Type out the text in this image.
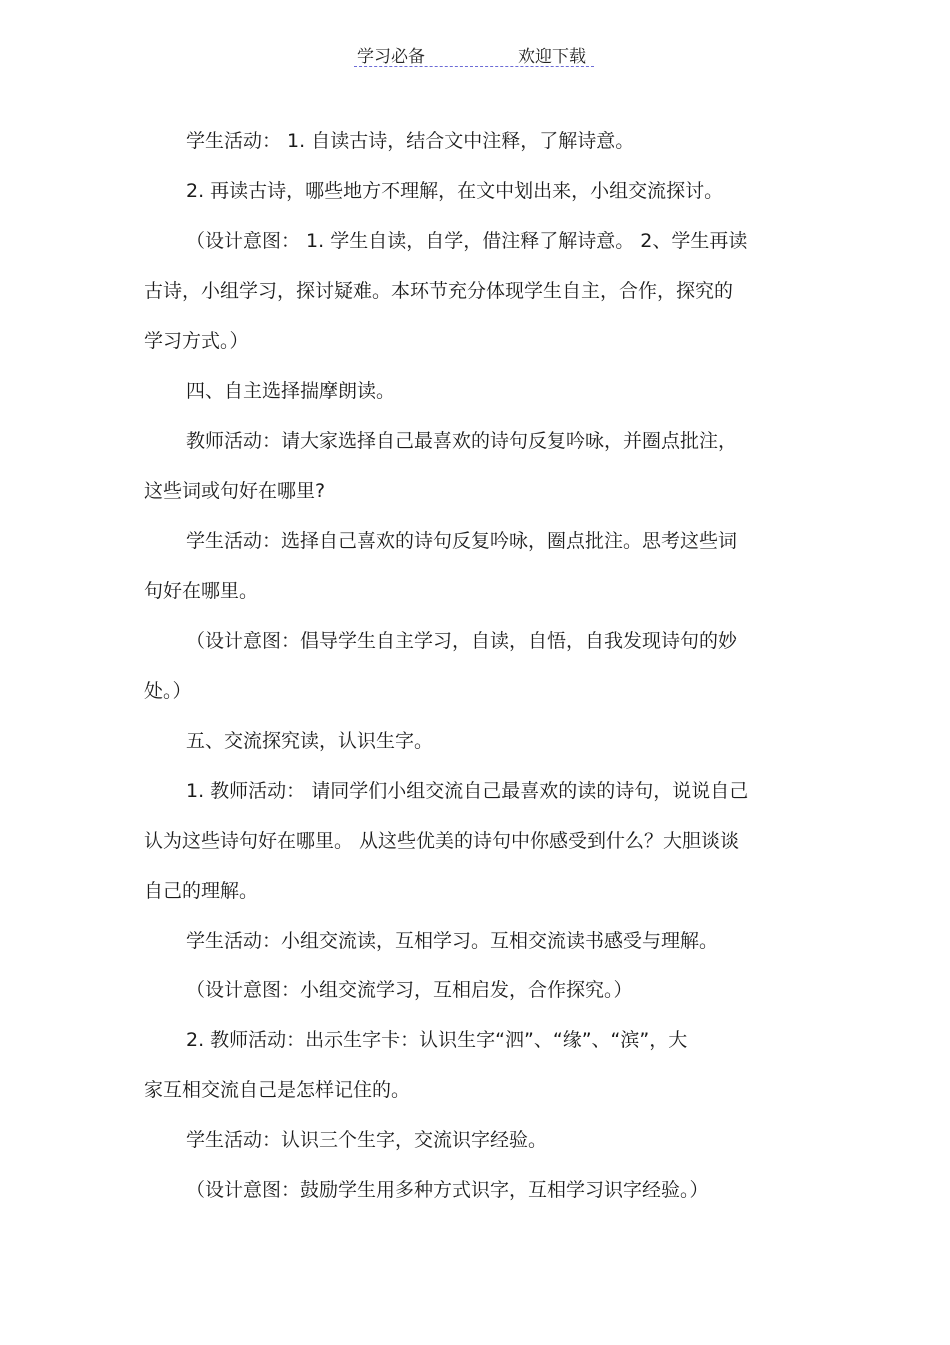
学习必备	欢迎下载
学生活动： 1. 自读古诗，结合文中注释，了解诗意。
2. 再读古诗，哪些地方不理解，在文中划出来，小组交流探讨。
（设计意图： 1. 学生自读，自学，借注释了解诗意。 2、学生再读
古诗，小组学习，探讨疑难。本环节充分体现学生自主，合作，探究的
学习方式。）
四、自主选择揣摩朗读。
教师活动：请大家选择自己最喜欢的诗句反复吟咏，并圈点批注，
这些词或句好在哪里?
学生活动：选择自己喜欢的诗句反复吟咏，圈点批注。思考这些词
句好在哪里。
（设计意图：倡导学生自主学习，自读，自悟，自我发现诗句的妙
处。）
五、交流探究读，认识生字。
1. 教师活动： 请同学们小组交流自己最喜欢的读的诗句，说说自己
认为这些诗句好在哪里。 从这些优美的诗句中你感受到什么？大胆谈谈
自己的理解。
学生活动：小组交流读，互相学习。互相交流读书感受与理解。
（设计意图：小组交流学习，互相启发，合作探究。）
2. 教师活动：出示生字卡：认识生字“泗”、“缘”、“滨”，大
家互相交流自己是怎样记住的。
学生活动：认识三个生字，交流识字经验。
（设计意图：鼓励学生用多种方式识字，互相学习识字经验。）
